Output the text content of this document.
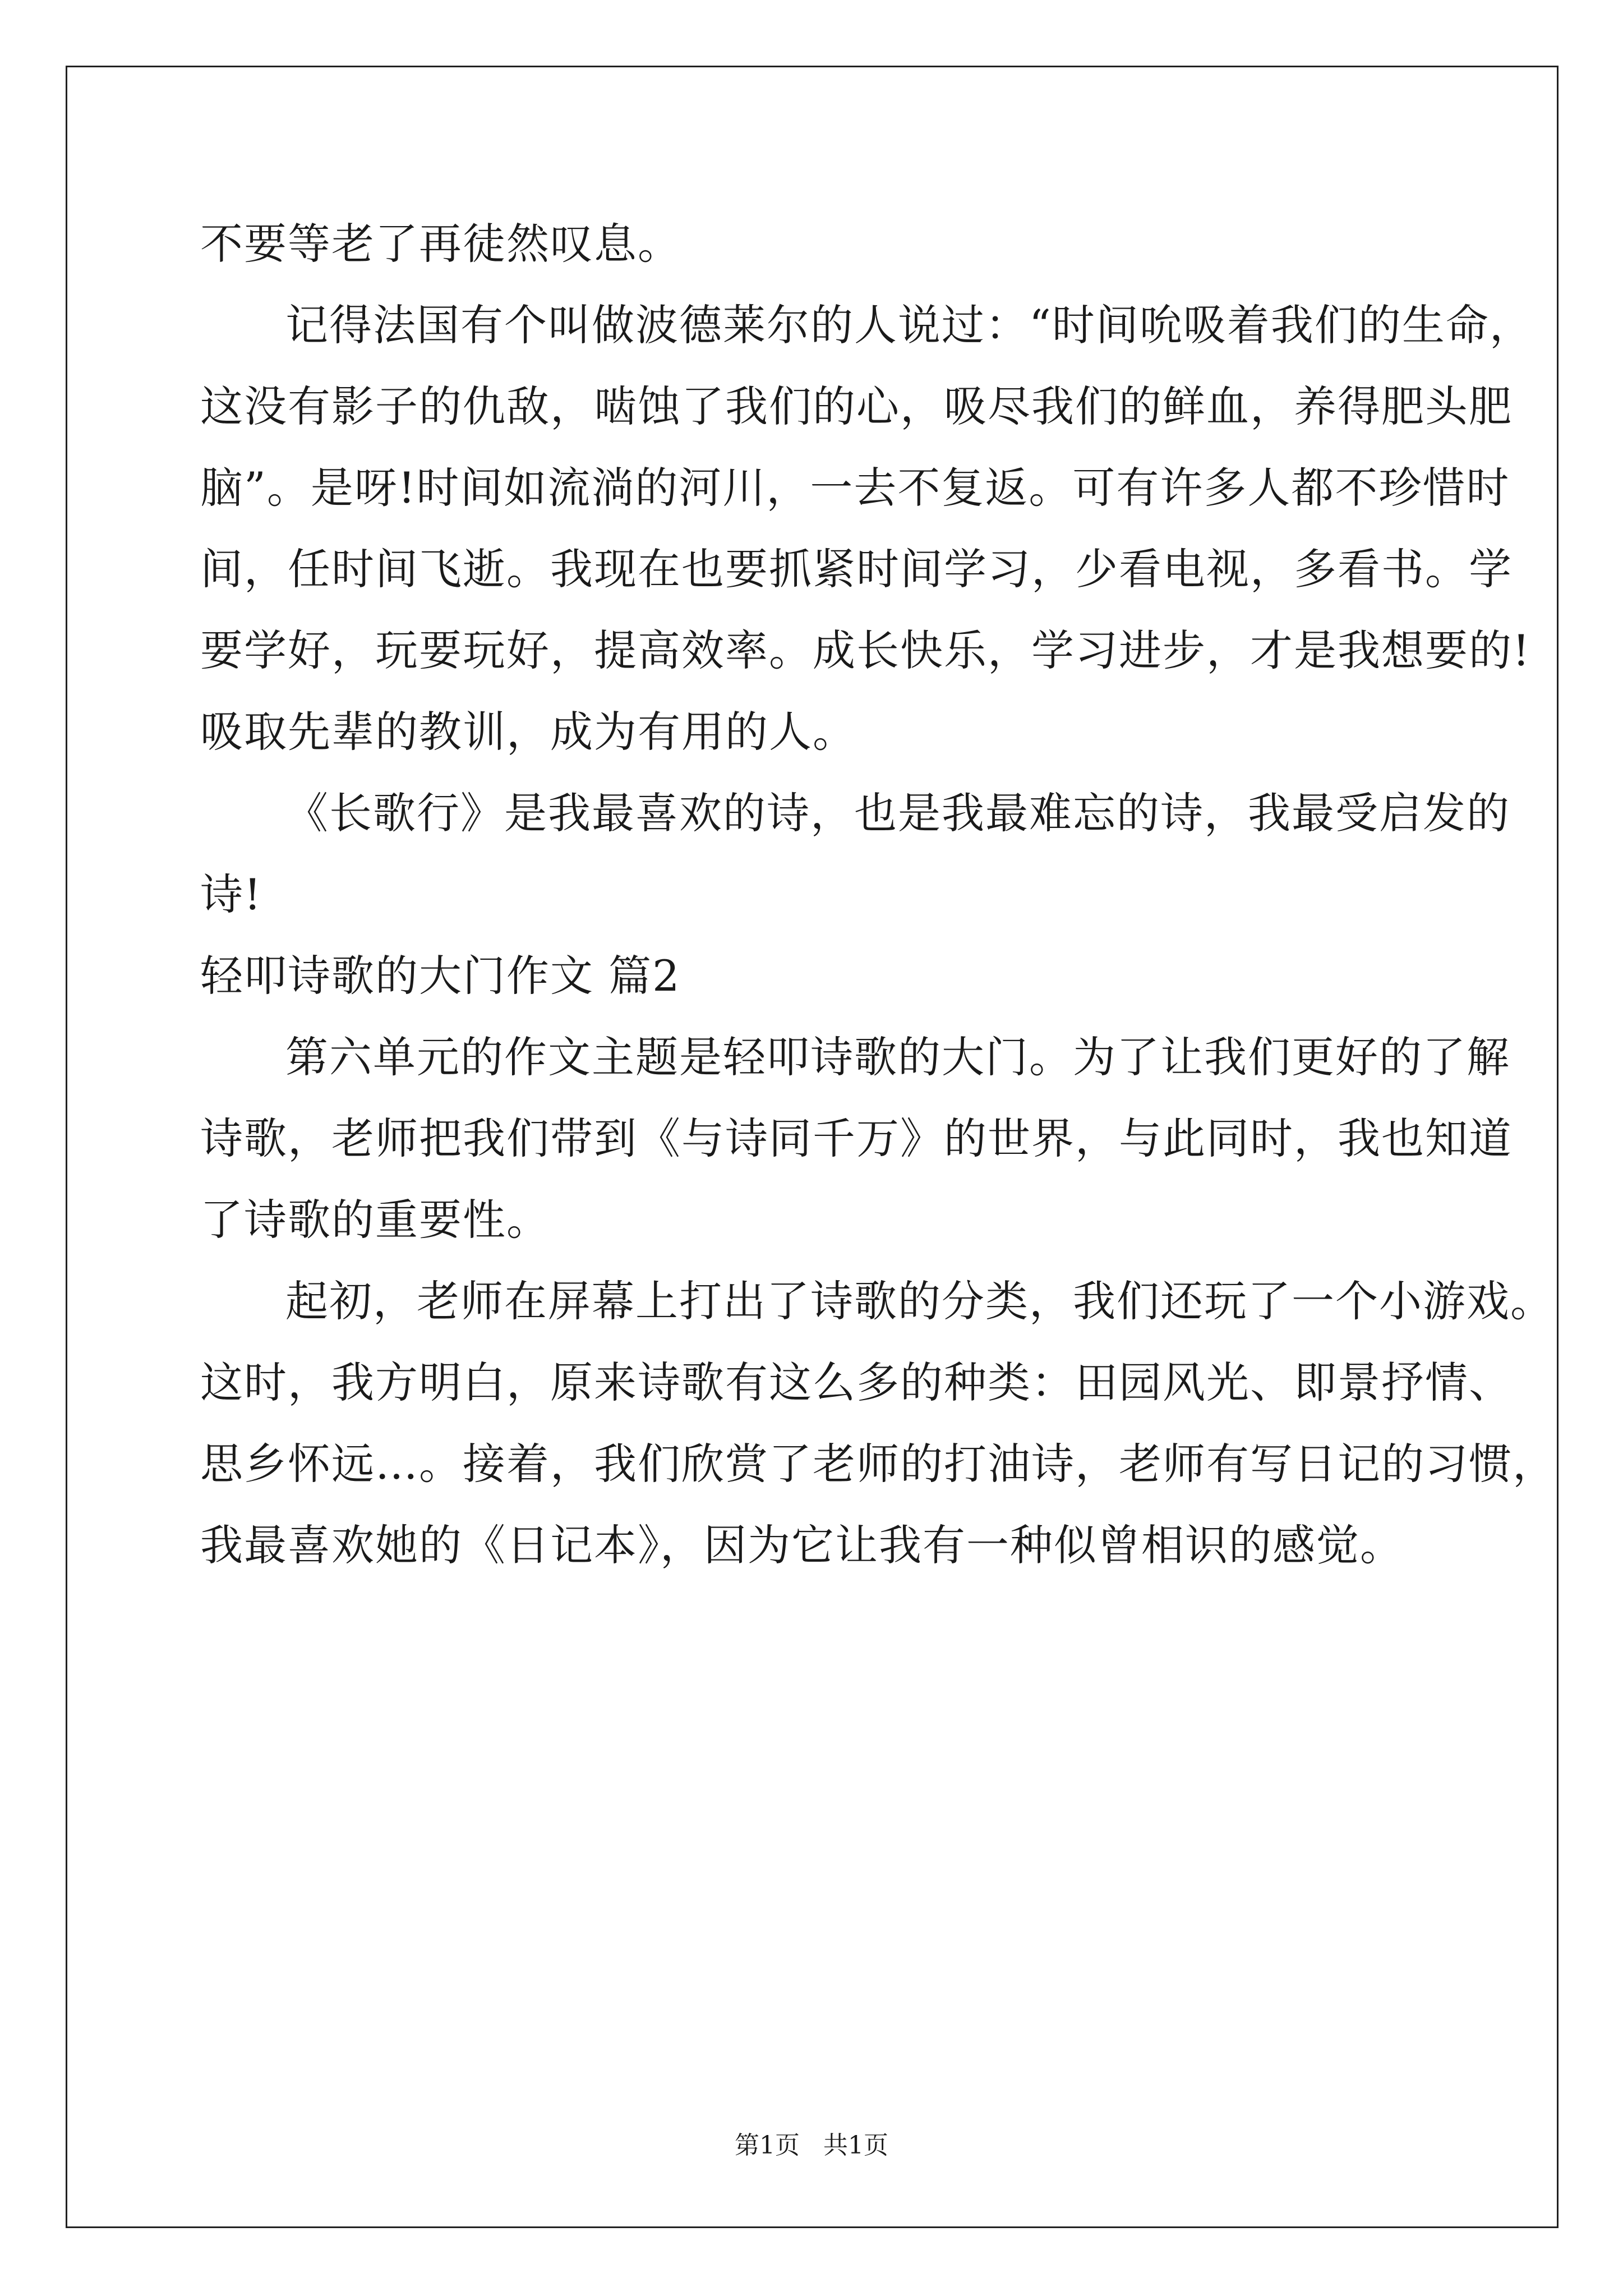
不要等老了再徒然叹息。
记得法国有个叫做波德莱尔的人说过：“时间吮吸着我们的生命，
这没有影子的仇敌，啮蚀了我们的心，吸尽我们的鲜血，养得肥头肥
脑”。是呀!时间如流淌的河川，一去不复返。可有许多人都不珍惜时
间，任时间飞逝。我现在也要抓紧时间学习，少看电视，多看书。学
要学好，玩要玩好，提高效率。成长快乐，学习进步，才是我想要的!
吸取先辈的教训，成为有用的人。
《长歌行》是我最喜欢的诗，也是我最难忘的诗，我最受启发的
诗!
轻叩诗歌的大门作文 篇2
第六单元的作文主题是轻叩诗歌的大门。为了让我们更好的了解
诗歌，老师把我们带到《与诗同千万》的世界，与此同时，我也知道
了诗歌的重要性。
起初，老师在屏幕上打出了诗歌的分类，我们还玩了一个小游戏。
这时，我方明白，原来诗歌有这么多的种类：田园风光、即景抒情、
思乡怀远…。接着，我们欣赏了老师的打油诗，老师有写日记的习惯，
我最喜欢她的《日记本》，因为它让我有一种似曾相识的感觉。
第1页   共1页
